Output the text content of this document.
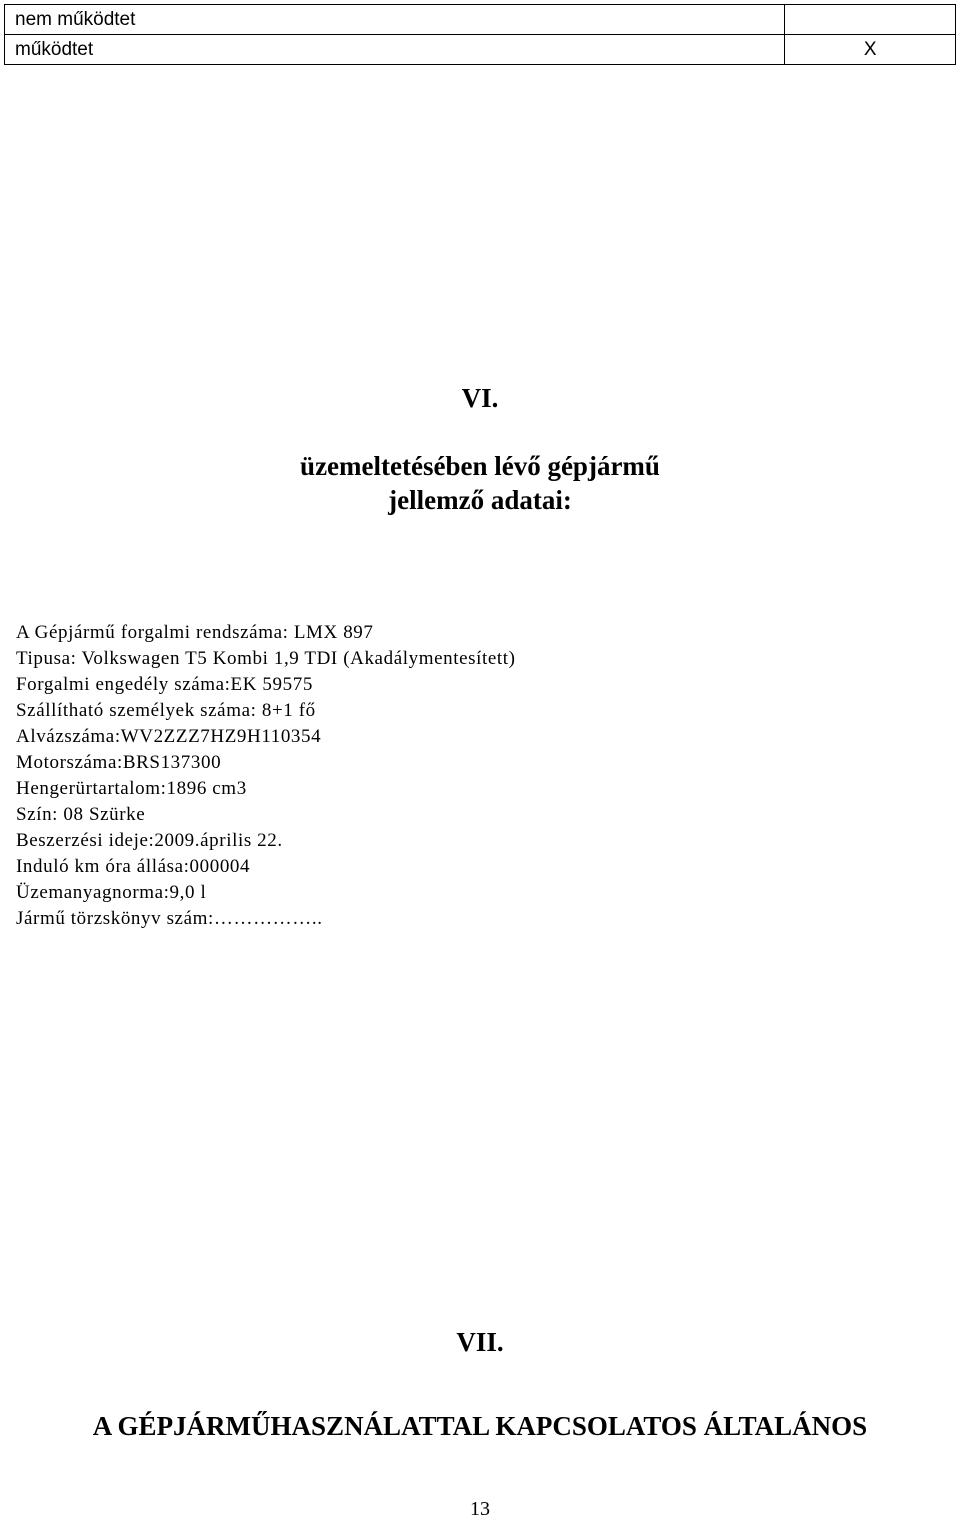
nem működtet	
működtet	X
VI.
üzemeltetésében lévő gépjármű
jellemző adatai:
A Gépjármű forgalmi rendszáma: LMX 897
Tipusa: Volkswagen T5 Kombi 1,9 TDI (Akadálymentesített)
Forgalmi engedély száma:EK 59575
Szállítható személyek száma: 8+1 fő
Alvázszáma:WV2ZZZ7HZ9H110354
Motorszáma:BRS137300
Hengerürtartalom:1896 cm3
Szín: 08 Szürke
Beszerzési ideje:2009.április 22.
Induló km óra állása:000004
Üzemanyagnorma:9,0 l
Jármű törzskönyv szám:……………..
VII.
A GÉPJÁRMŰHASZNÁLATTAL KAPCSOLATOS ÁLTALÁNOS
13
